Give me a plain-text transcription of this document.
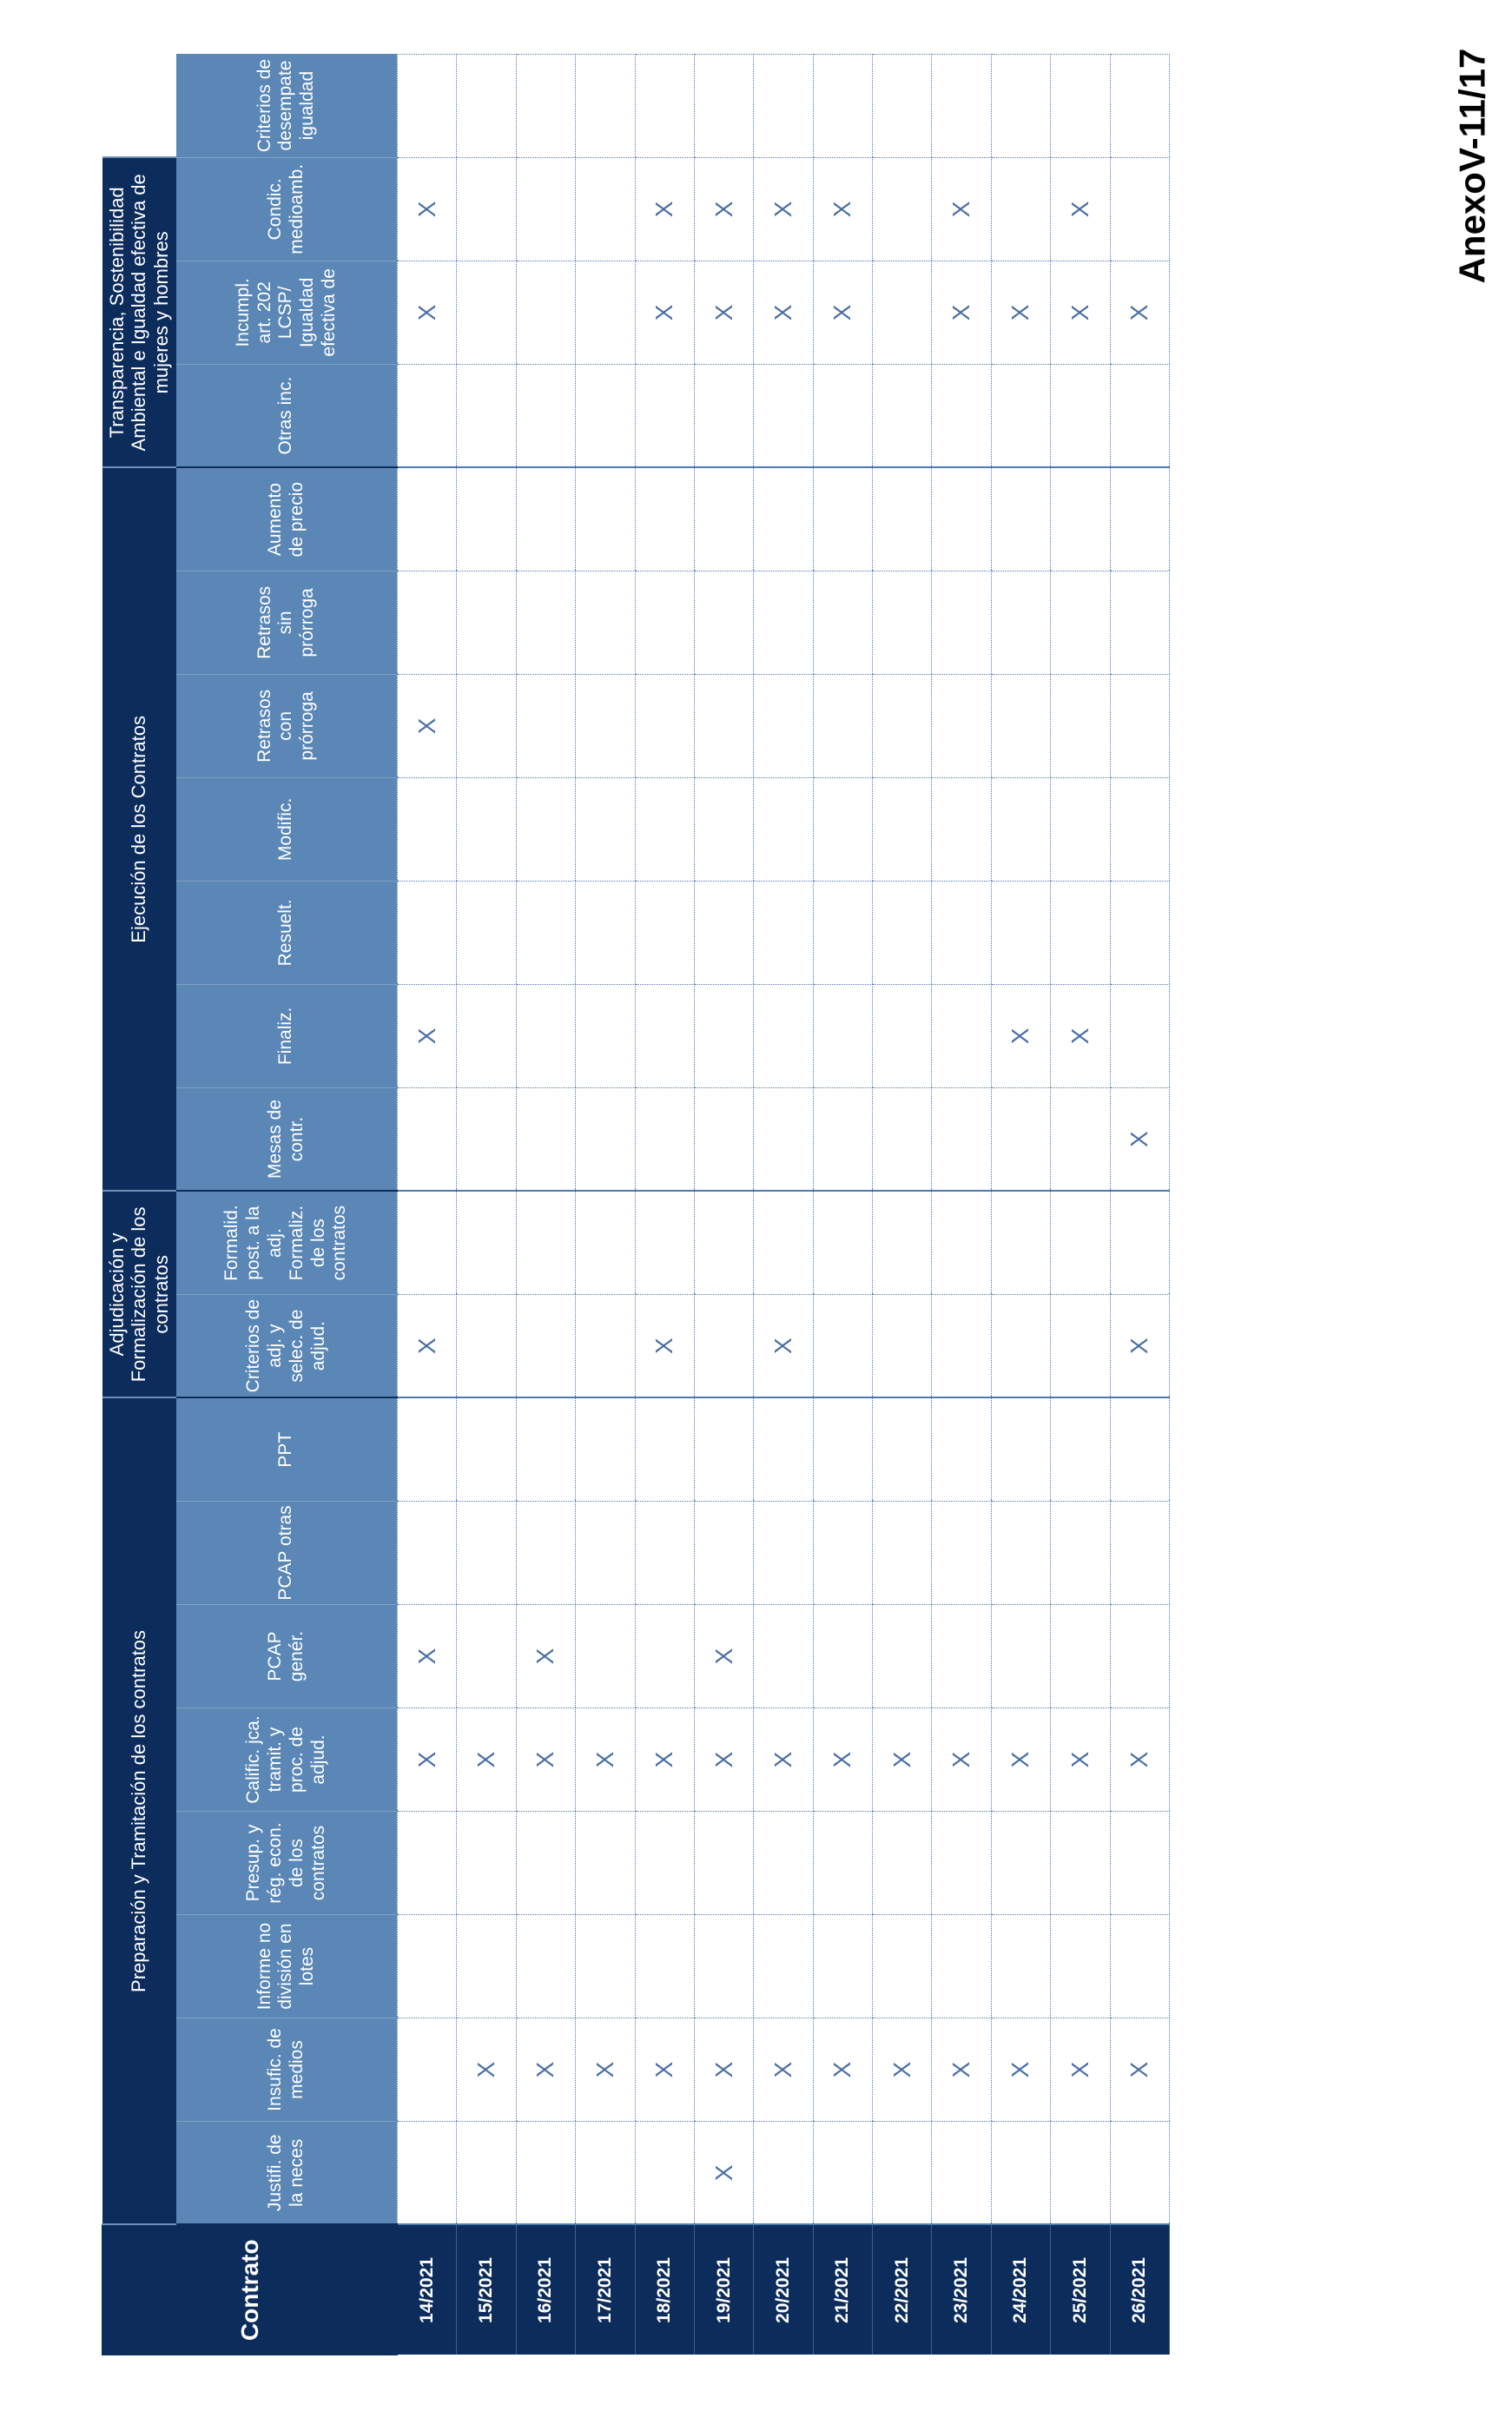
AnexoV-11/17
Contrato	Preparación y Tramitación de los contratos								Adjudicación y Formalización de los contratos		Ejecución de los Contratos							Transparencia, Sostenibilidad Ambiental e Igualdad efectiva de mujeres y hombres			
	Justifi. de la neces	Insufic. de medios	Informe no división en lotes	Presup. y rég. econ. de los contratos	Calific. jca. tramit. y proc. de adjud.	PCAP genér.	PCAP otras	PPT	Criterios de adj. y selec. de adjud.	Formalid. post. a la adj. Formaliz. de los contratos	Mesas de contr.	Finaliz.	Resuelt.	Modific.	Retrasos con prórroga	Retrasos sin prórroga	Aumento de precio	Otras inc.	Incumpl. art. 202 LCSP/ Igualdad efectiva de	Condic. medioamb.	Criterios de desempate igualdad
14/2021					X	X			X			X			X				X	X	
15/2021		X			X																
16/2021		X			X	X															
17/2021		X			X																
18/2021		X			X				X										X	X	
19/2021	X	X			X	X													X	X	
20/2021		X			X				X										X	X	
21/2021		X			X														X	X	
22/2021		X			X																
23/2021		X			X														X	X	
24/2021		X			X							X							X		
25/2021		X			X							X							X	X	
26/2021		X			X				X		X								X		
